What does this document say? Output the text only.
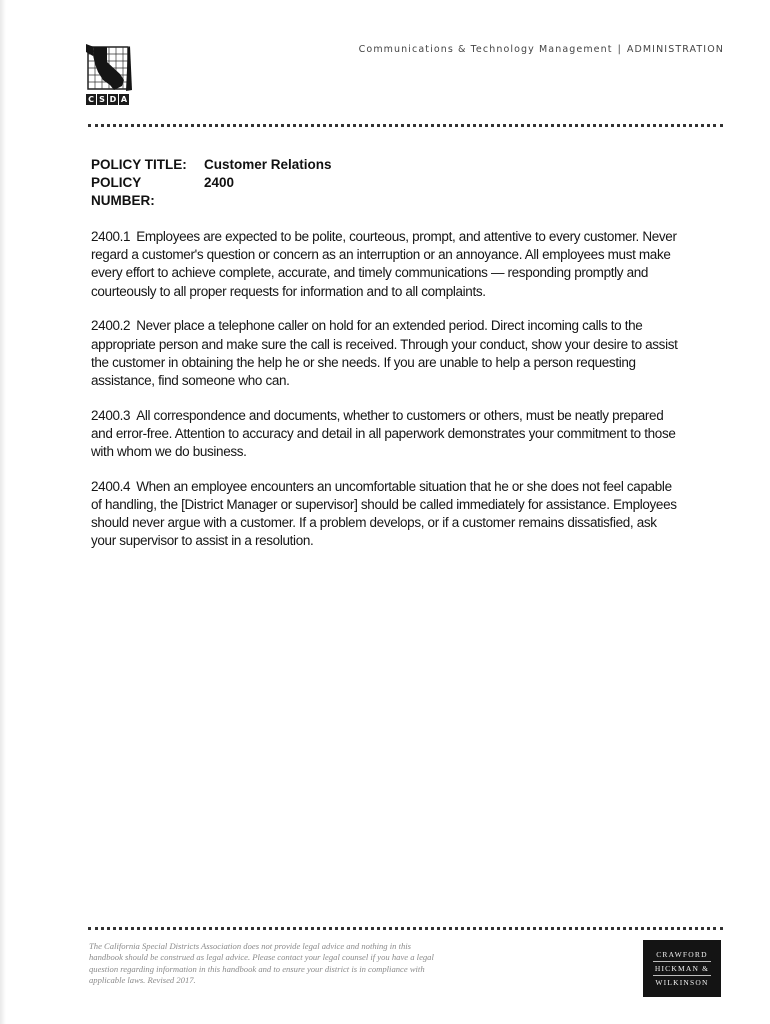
C S D A
Communications & Technology Management | ADMINISTRATION
POLICY TITLE:	Customer Relations
POLICY NUMBER:
2400

2400.1 Employees are expected to be polite, courteous, prompt, and attentive to every customer. Never regard a customer's question or concern as an interruption or an annoyance. All employees must make every effort to achieve complete, accurate, and timely communications — responding promptly and courteously to all proper requests for information and to all complaints.

2400.2 Never place a telephone caller on hold for an extended period. Direct incoming calls to the appropriate person and make sure the call is received. Through your conduct, show your desire to assist the customer in obtaining the help he or she needs. If you are unable to help a person requesting assistance, find someone who can.

2400.3 All correspondence and documents, whether to customers or others, must be neatly prepared and error-free. Attention to accuracy and detail in all paperwork demonstrates your commitment to those with whom we do business.

2400.4 When an employee encounters an uncomfortable situation that he or she does not feel capable of handling, the [District Manager or supervisor] should be called immediately for assistance. Employees should never argue with a customer. If a problem develops, or if a customer remains dissatisfied, ask your supervisor to assist in a resolution.

The California Special Districts Association does not provide legal advice and nothing in this handbook should be construed as legal advice. Please contact your legal counsel if you have a legal question regarding information in this handbook and to ensure your district is in compliance with applicable laws. Revised 2017.
CRAWFORD
HICKMAN &
WILKINSON
